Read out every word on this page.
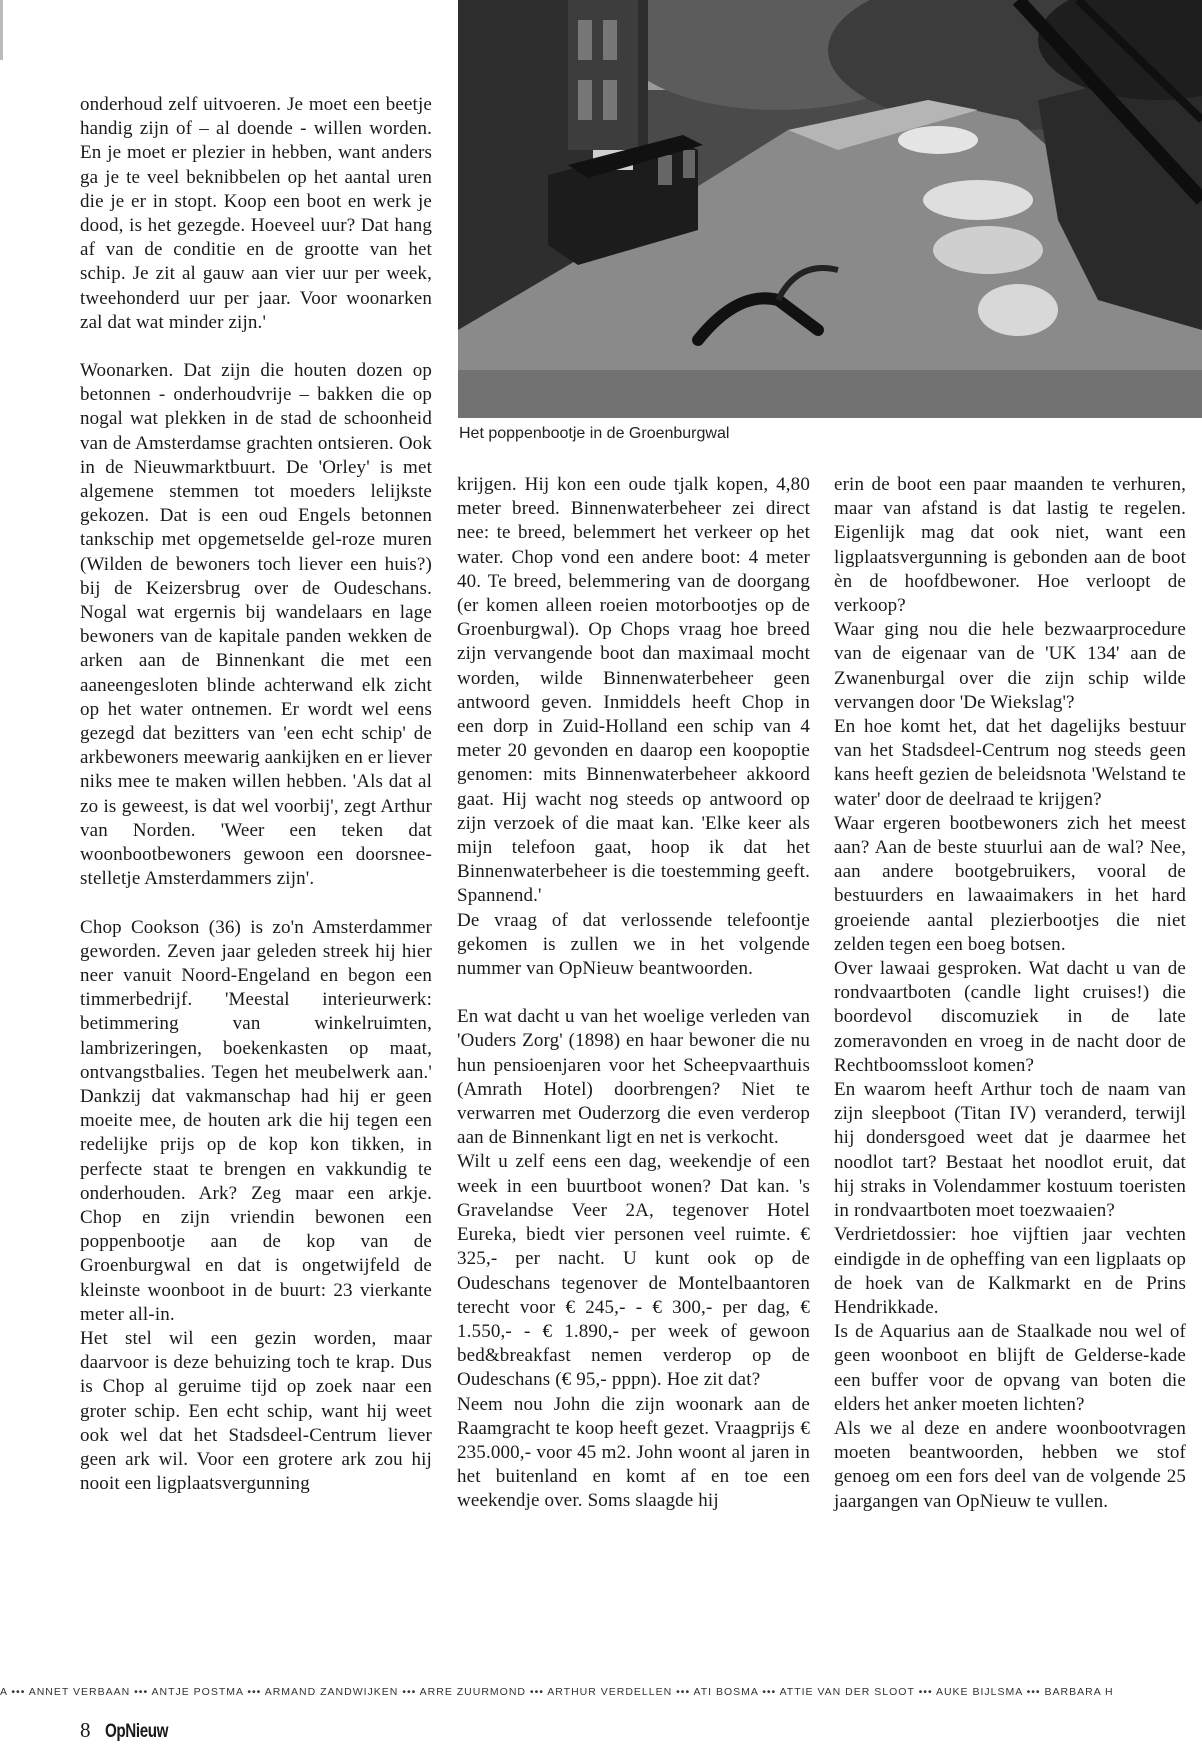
onderhoud zelf uitvoeren. Je moet een beetje handig zijn of – al doende - willen worden. En je moet er plezier in hebben, want anders ga je te veel beknibbelen op het aantal uren die je er in stopt. Koop een boot en werk je dood, is het gezegde. Hoeveel uur? Dat hang af van de conditie en de grootte van het schip. Je zit al gauw aan vier uur per week, tweehonderd uur per jaar. Voor woonarken zal dat wat minder zijn.'

Woonarken. Dat zijn die houten dozen op betonnen - onderhoudvrije – bakken die op nogal wat plekken in de stad de schoonheid van de Amsterdamse grachten ontsieren. Ook in de Nieuwmarktbuurt. De 'Orley' is met algemene stemmen tot moeders lelijkste gekozen. Dat is een oud Engels betonnen tankschip met opgemetselde gel-roze muren (Wilden de bewoners toch liever een huis?) bij de Keizersbrug over de Oudeschans. Nogal wat ergernis bij wandelaars en lage bewoners van de kapitale panden wekken de arken aan de Binnenkant die met een aaneengesloten blinde achterwand elk zicht op het water ontnemen. Er wordt wel eens gezegd dat bezitters van 'een echt schip' de arkbewoners meewarig aankijken en er liever niks mee te maken willen hebben. 'Als dat al zo is geweest, is dat wel voorbij', zegt Arthur van Norden. 'Weer een teken dat woonbootbewoners gewoon een doorsnee-stelletje Amsterdammers zijn'.

Chop Cookson (36) is zo'n Amsterdammer geworden. Zeven jaar geleden streek hij hier neer vanuit Noord-Engeland en begon een timmerbedrijf. 'Meestal interieurwerk: betimmering van winkelruimten, lambrizeringen, boekenkasten op maat, ontvangstbalies. Tegen het meubelwerk aan.' Dankzij dat vakmanschap had hij er geen moeite mee, de houten ark die hij tegen een redelijke prijs op de kop kon tikken, in perfecte staat te brengen en vakkundig te onderhouden. Ark? Zeg maar een arkje. Chop en zijn vriendin bewonen een poppenbootje aan de kop van de Groenburgwal en dat is ongetwijfeld de kleinste woonboot in de buurt: 23 vierkante meter all-in.

Het stel wil een gezin worden, maar daarvoor is deze behuizing toch te krap. Dus is Chop al geruime tijd op zoek naar een groter schip. Een echt schip, want hij weet ook wel dat het Stadsdeel-Centrum liever geen ark wil. Voor een grotere ark zou hij nooit een ligplaatsvergunning

Het poppenbootje in de Groenburgwal

krijgen. Hij kon een oude tjalk kopen, 4,80 meter breed. Binnenwaterbeheer zei direct nee: te breed, belemmert het verkeer op het water. Chop vond een andere boot: 4 meter 40. Te breed, belemmering van de doorgang (er komen alleen roeien motorbootjes op de Groenburgwal). Op Chops vraag hoe breed zijn vervangende boot dan maximaal mocht worden, wilde Binnenwaterbeheer geen antwoord geven. Inmiddels heeft Chop in een dorp in Zuid-Holland een schip van 4 meter 20 gevonden en daarop een koopoptie genomen: mits Binnenwaterbeheer akkoord gaat. Hij wacht nog steeds op antwoord op zijn verzoek of die maat kan. 'Elke keer als mijn telefoon gaat, hoop ik dat het Binnenwaterbeheer is die toestemming geeft. Spannend.'

De vraag of dat verlossende telefoontje gekomen is zullen we in het volgende nummer van OpNieuw beantwoorden.

En wat dacht u van het woelige verleden van 'Ouders Zorg' (1898) en haar bewoner die nu hun pensioenjaren voor het Scheepvaarthuis (Amrath Hotel) doorbrengen? Niet te verwarren met Ouderzorg die even verderop aan de Binnenkant ligt en net is verkocht.

Wilt u zelf eens een dag, weekendje of een week in een buurtboot wonen? Dat kan. 's Gravelandse Veer 2A, tegenover Hotel Eureka, biedt vier personen veel ruimte. € 325,- per nacht. U kunt ook op de Oudeschans tegenover de Montelbaantoren terecht voor € 245,- - € 300,- per dag, € 1.550,- - € 1.890,- per week of gewoon bed&breakfast nemen verderop op de Oudeschans (€ 95,- pppn). Hoe zit dat?

Neem nou John die zijn woonark aan de Raamgracht te koop heeft gezet. Vraagprijs € 235.000,- voor 45 m2. John woont al jaren in het buitenland en komt af en toe een weekendje over. Soms slaagde hij

erin de boot een paar maanden te verhuren, maar van afstand is dat lastig te regelen. Eigenlijk mag dat ook niet, want een ligplaatsvergunning is gebonden aan de boot èn de hoofdbewoner. Hoe verloopt de verkoop?

Waar ging nou die hele bezwaarprocedure van de eigenaar van de 'UK 134' aan de Zwanenburgal over die zijn schip wilde vervangen door 'De Wiekslag'?

En hoe komt het, dat het dagelijks bestuur van het Stadsdeel-Centrum nog steeds geen kans heeft gezien de beleidsnota 'Welstand te water' door de deelraad te krijgen?

Waar ergeren bootbewoners zich het meest aan? Aan de beste stuurlui aan de wal? Nee, aan andere bootgebruikers, vooral de bestuurders en lawaaimakers in het hard groeiende aantal plezierbootjes die niet zelden tegen een boeg botsen.

Over lawaai gesproken. Wat dacht u van de rondvaartboten (candle light cruises!) die boordevol discomuziek in de late zomeravonden en vroeg in de nacht door de Rechtboomssloot komen?

En waarom heeft Arthur toch de naam van zijn sleepboot (Titan IV) veranderd, terwijl hij dondersgoed weet dat je daarmee het noodlot tart? Bestaat het noodlot eruit, dat hij straks in Volendammer kostuum toeristen in rondvaartboten moet toezwaaien?

Verdrietdossier: hoe vijftien jaar vechten eindigde in de opheffing van een ligplaats op de hoek van de Kalkmarkt en de Prins Hendrikkade.

Is de Aquarius aan de Staalkade nou wel of geen woonboot en blijft de Gelderse-kade een buffer voor de opvang van boten die elders het anker moeten lichten?

Als we al deze en andere woonbootvragen moeten beantwoorden, hebben we stof genoeg om een fors deel van de volgende 25 jaargangen van OpNieuw te vullen.

A ••• ANNET VERBAAN ••• ANTJE POSTMA ••• ARMAND ZANDWIJKEN ••• ARRE ZUURMOND ••• ARTHUR VERDELLEN ••• ATI BOSMA ••• ATTIE VAN DER SLOOT ••• AUKE BIJLSMA ••• BARBARA H
8 OpNieuw
